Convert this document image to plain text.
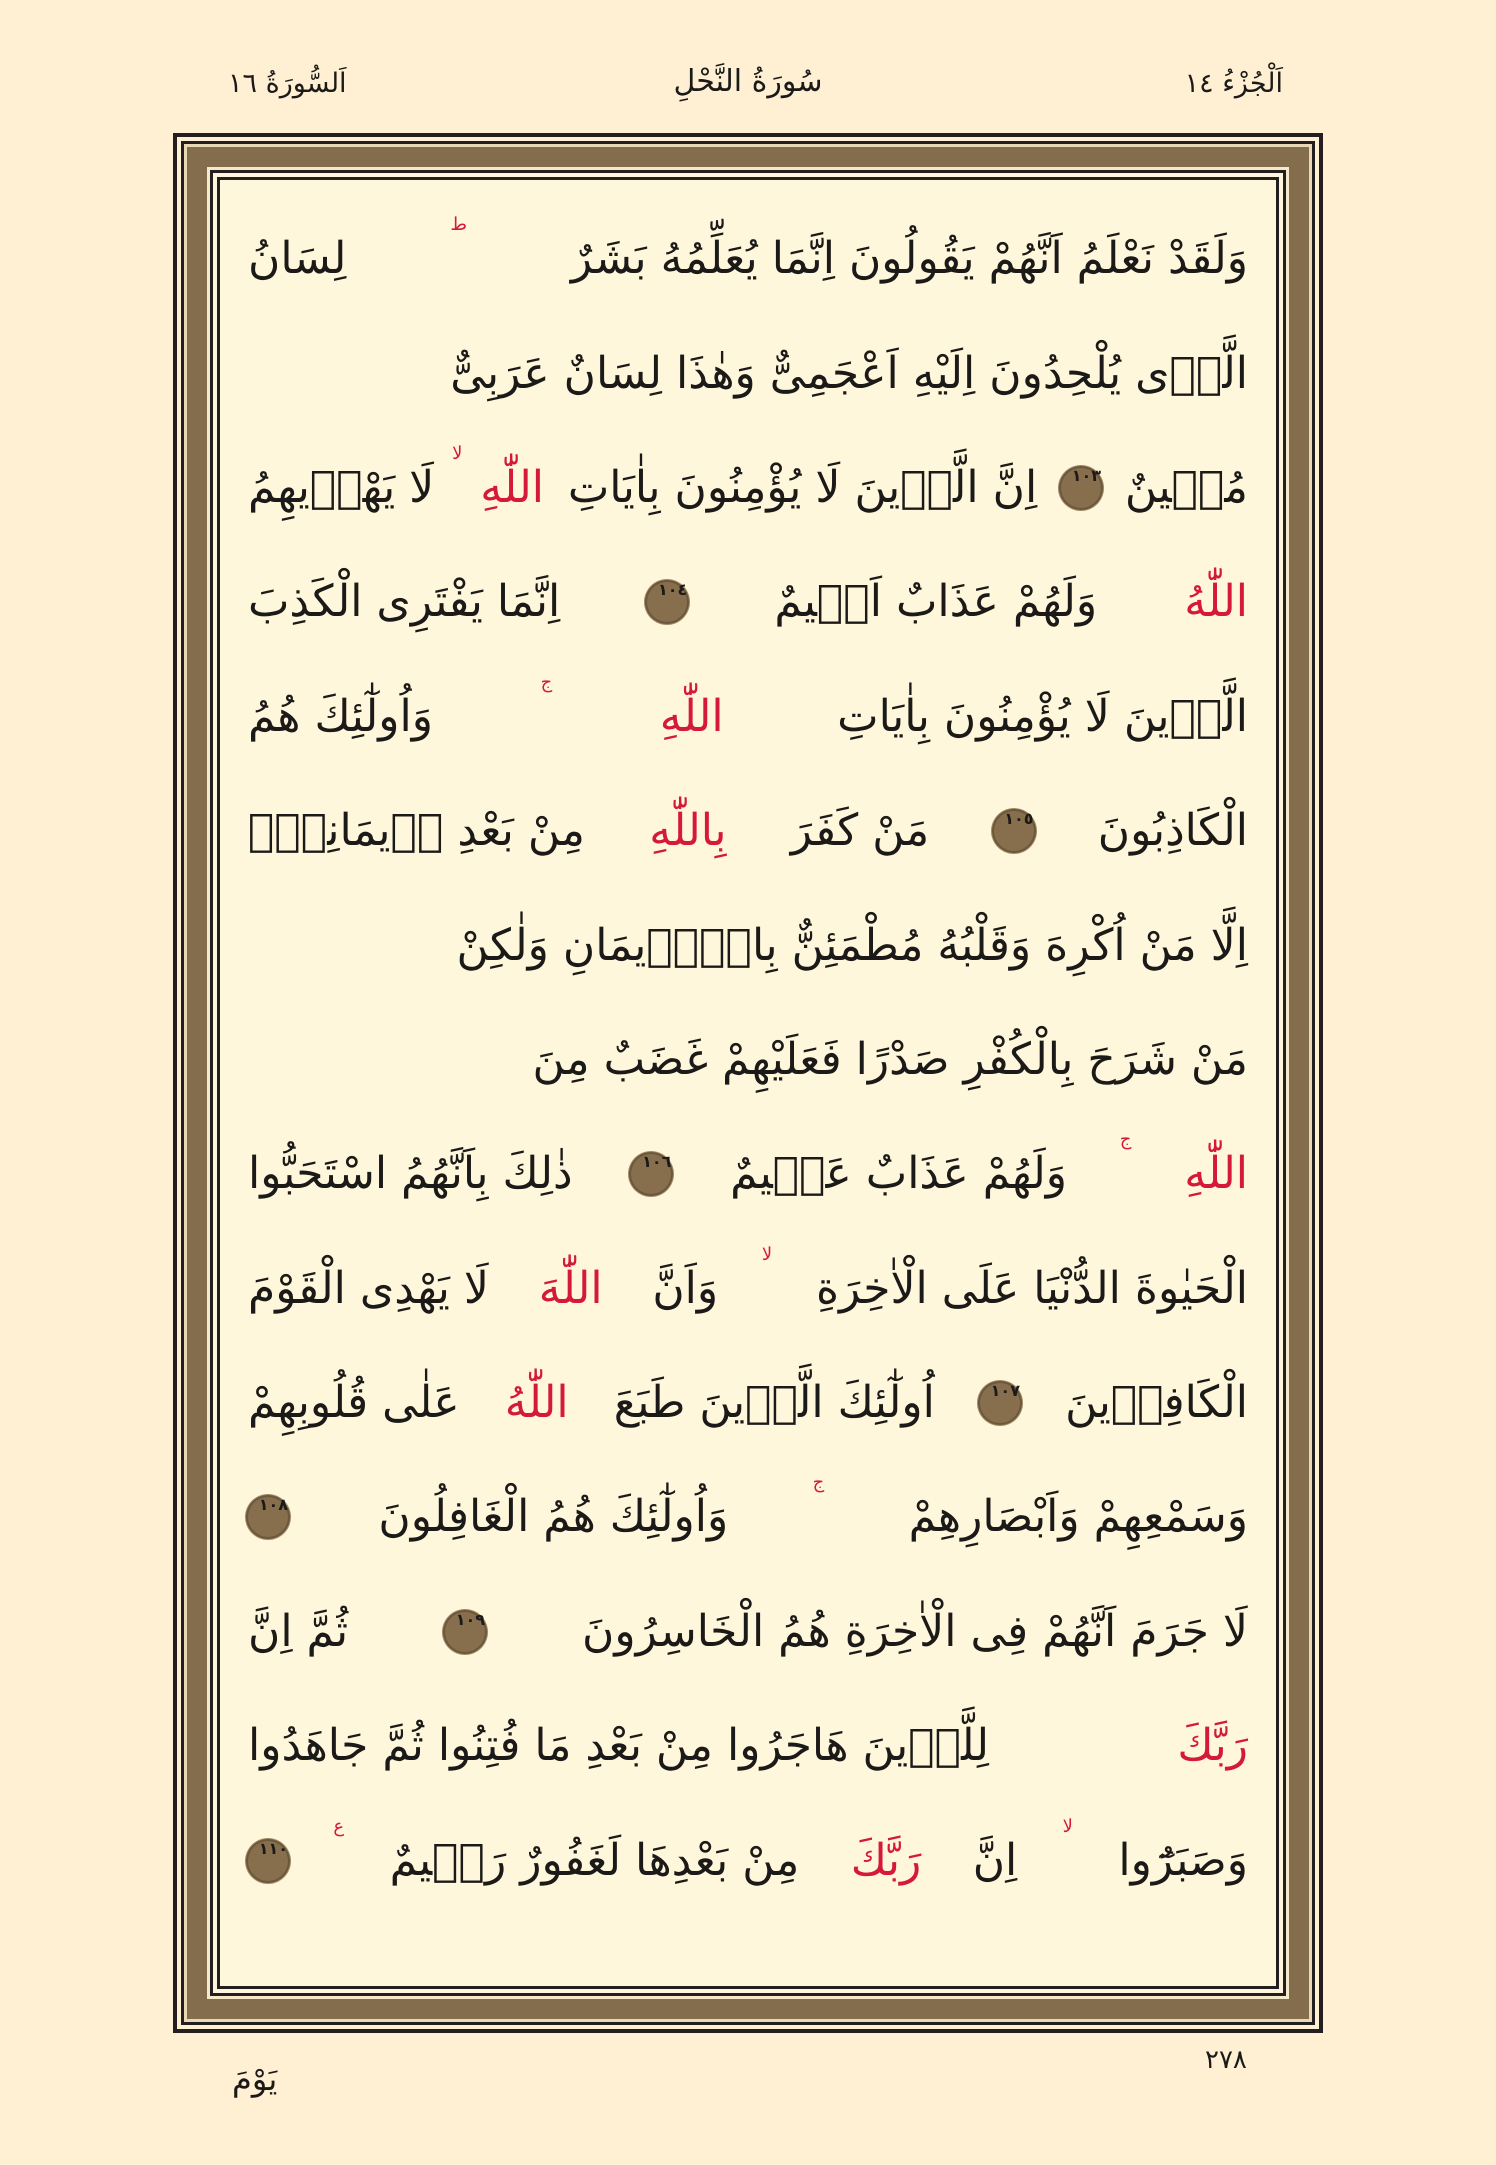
اَلْجُزْءُ ١٤
سُورَةُ النَّحْلِ
اَلسُّورَةُ ١٦
وَلَقَدْ نَعْلَمُ اَنَّهُمْ يَقُولُونَ اِنَّمَا يُعَلِّمُهُ بَشَرٌ
ط
لِسَانُ
الَّذٖى يُلْحِدُونَ اِلَيْهِ اَعْجَمِىٌّ وَهٰذَا لِسَانٌ عَرَبِىٌّ
مُبٖينٌ
١٠٣
اِنَّ الَّذٖينَ لَا يُؤْمِنُونَ بِاٰيَاتِ
اللّٰهِ
لا
لَا يَهْدٖيهِمُ
اللّٰهُ
وَلَهُمْ عَذَابٌ اَلٖيمٌ
١٠٤
اِنَّمَا يَفْتَرِى الْكَذِبَ
الَّذٖينَ لَا يُؤْمِنُونَ بِاٰيَاتِ
اللّٰهِ
ج
وَاُولٰٓئِكَ هُمُ
الْكَاذِبُونَ
١٠٥
مَنْ كَفَرَ
بِاللّٰهِ
مِنْ بَعْدِ اٖيمَانِهٖٓ
اِلَّا مَنْ اُكْرِهَ وَقَلْبُهُ مُطْمَئِنٌّ بِالْاٖيمَانِ وَلٰكِنْ
مَنْ شَرَحَ بِالْكُفْرِ صَدْرًا فَعَلَيْهِمْ غَضَبٌ مِنَ
اللّٰهِ
ج
وَلَهُمْ عَذَابٌ عَظٖيمٌ
١٠٦
ذٰلِكَ بِاَنَّهُمُ اسْتَحَبُّوا
الْحَيٰوةَ الدُّنْيَا عَلَى الْاٰخِرَةِ
لا
وَاَنَّ
اللّٰهَ
لَا يَهْدِى الْقَوْمَ
الْكَافِرٖينَ
١٠٧
اُولٰٓئِكَ الَّذٖينَ طَبَعَ
اللّٰهُ
عَلٰى قُلُوبِهِمْ
وَسَمْعِهِمْ وَاَبْصَارِهِمْ
ج
وَاُولٰٓئِكَ هُمُ الْغَافِلُونَ
١٠٨
لَا جَرَمَ اَنَّهُمْ فِى الْاٰخِرَةِ هُمُ الْخَاسِرُونَ
١٠٩
ثُمَّ اِنَّ
رَبَّكَ
لِلَّذٖينَ هَاجَرُوا مِنْ بَعْدِ مَا فُتِنُوا ثُمَّ جَاهَدُوا
وَصَبَرُٓوا
لا
اِنَّ
رَبَّكَ
مِنْ بَعْدِهَا لَغَفُورٌ رَحٖيمٌ
ع
١١٠
٢٧٨
يَوْمَ
